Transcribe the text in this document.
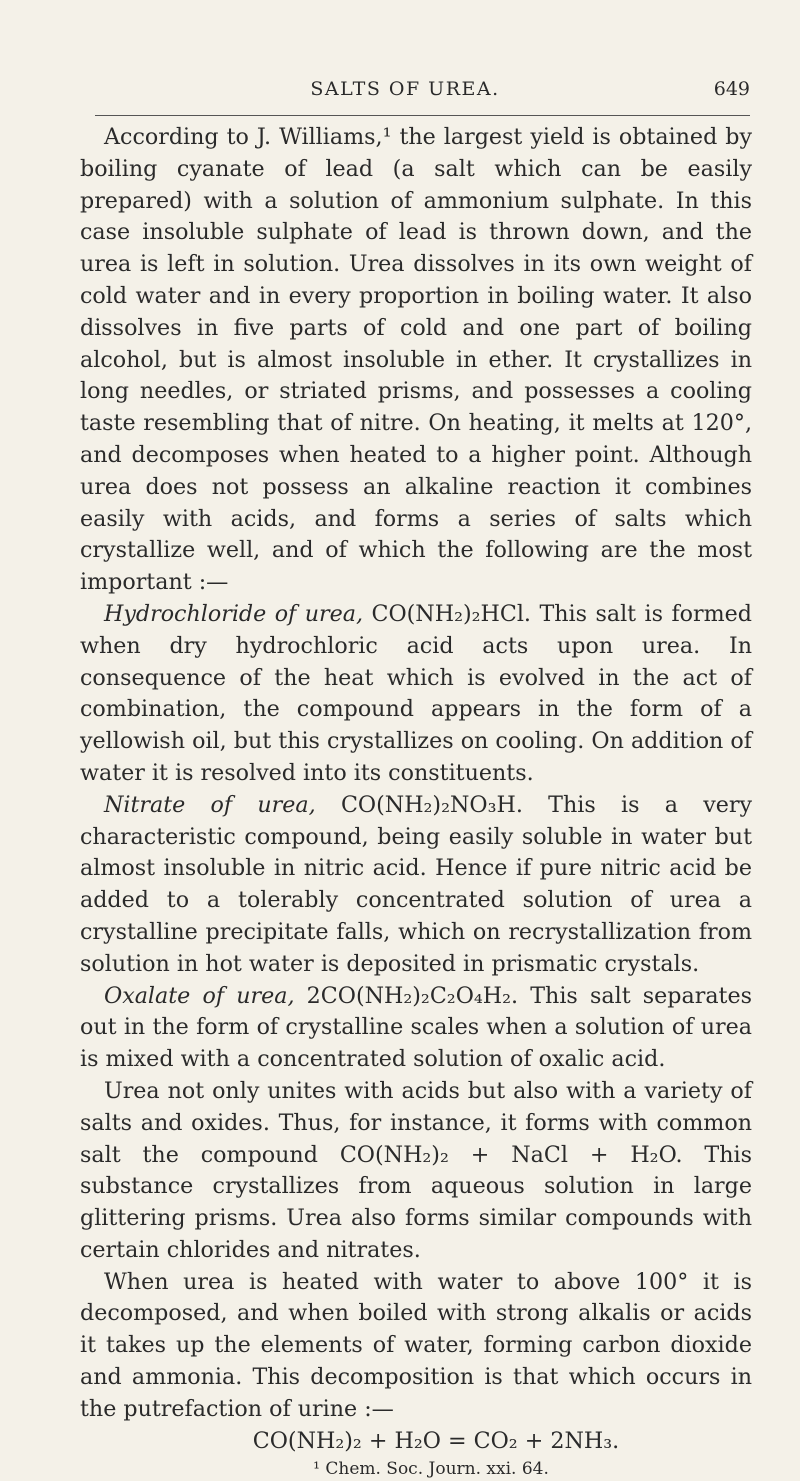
SALTS OF UREA.	649

According to J. Williams,¹ the largest yield is obtained by boiling cyanate of lead (a salt which can be easily prepared) with a solution of ammonium sulphate. In this case insoluble sulphate of lead is thrown down, and the urea is left in solution. Urea dissolves in its own weight of cold water and in every proportion in boiling water. It also dissolves in five parts of cold and one part of boiling alcohol, but is almost insoluble in ether. It crystallizes in long needles, or striated prisms, and possesses a cooling taste resembling that of nitre. On heating, it melts at 120°, and decomposes when heated to a higher point. Although urea does not possess an alkaline reaction it combines easily with acids, and forms a series of salts which crystallize well, and of which the following are the most important :—

Hydrochloride of urea, CO(NH₂)₂HCl. This salt is formed when dry hydrochloric acid acts upon urea. In consequence of the heat which is evolved in the act of combination, the compound appears in the form of a yellowish oil, but this crystallizes on cooling. On addition of water it is resolved into its constituents.

Nitrate of urea, CO(NH₂)₂NO₃H. This is a very characteristic compound, being easily soluble in water but almost insoluble in nitric acid. Hence if pure nitric acid be added to a tolerably concentrated solution of urea a crystalline precipitate falls, which on recrystallization from solution in hot water is deposited in prismatic crystals.

Oxalate of urea, 2CO(NH₂)₂C₂O₄H₂. This salt separates out in the form of crystalline scales when a solution of urea is mixed with a concentrated solution of oxalic acid.

Urea not only unites with acids but also with a variety of salts and oxides. Thus, for instance, it forms with common salt the compound CO(NH₂)₂ + NaCl + H₂O. This substance crystallizes from aqueous solution in large glittering prisms. Urea also forms similar compounds with certain chlorides and nitrates.

When urea is heated with water to above 100° it is decomposed, and when boiled with strong alkalis or acids it takes up the elements of water, forming carbon dioxide and ammonia. This decomposition is that which occurs in the putrefaction of urine :—

CO(NH₂)₂ + H₂O = CO₂ + 2NH₃.

¹ Chem. Soc. Journ. xxi. 64.
